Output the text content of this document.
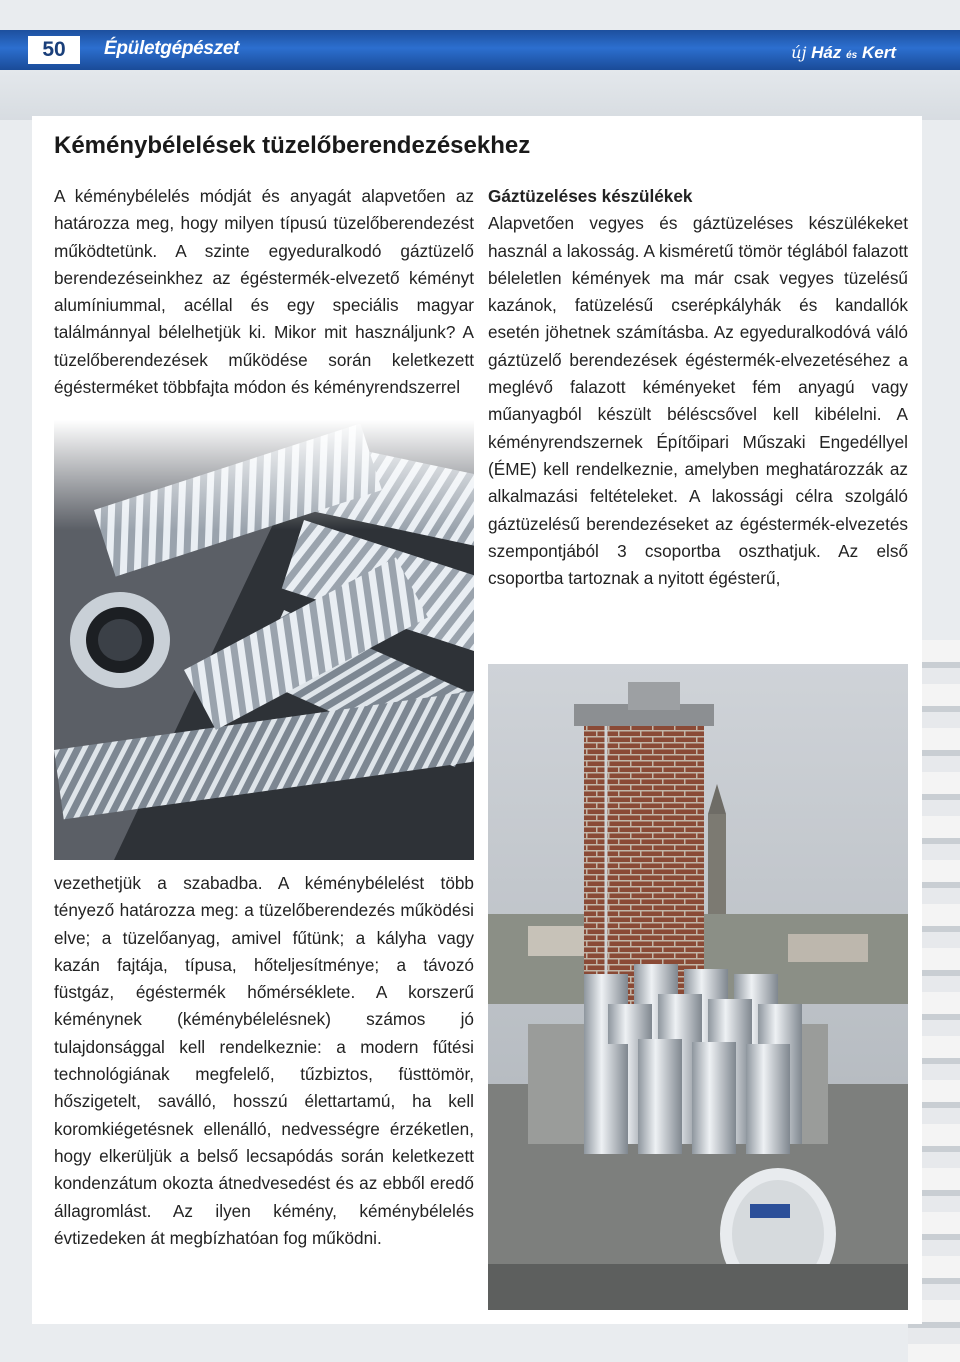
50	Épületgépészet	új Ház és Kert
Kéménybélelések tüzelőberendezésekhez

A kéménybélelés módját és anyagát alapvetően az határozza meg, hogy milyen típusú tüzelőberendezést működtetünk. A szinte egyeduralkodó gáztüzelő berendezéseinkhez az égéstermék-elvezető kéményt alumíniummal, acéllal és egy speciális magyar találmánnyal bélelhetjük ki. Mikor mit használjunk? A tüzelőberendezések működése során keletkezett égésterméket többfajta módon és kéményrendszerrel

Gáztüzeléses készülékek
Alapvetően vegyes és gáztüzeléses készülékeket használ a lakosság. A kisméretű tömör téglából falazott béleletlen kémények ma már csak vegyes tüzelésű kazánok, fatüzelésű cserépkályhák és kandallók esetén jöhetnek számításba. Az egyeduralkodóvá váló gáztüzelő berendezések égéstermék-elvezetéséhez a meglévő falazott kéményeket fém anyagú vagy műanyagból készült béléscsővel kell kibélelni. A kéményrendszernek Építőipari Műszaki Engedéllyel (ÉME) kell rendelkeznie, amelyben meghatározzák az alkalmazási feltételeket. A lakossági célra szolgáló gáztüzelésű berendezéseket az égéstermék-elvezetés szempontjából 3 csoportba oszthatjuk. Az első csoportba tartoznak a nyitott égésterű,

vezethetjük a szabadba. A kéménybélelést több tényező határozza meg: a tüzelőberendezés működési elve; a tüzelőanyag, amivel fűtünk; a kályha vagy kazán fajtája, típusa, hőteljesítménye; a távozó füstgáz, égéstermék hőmérséklete. A korszerű kéménynek (kéménybélelésnek) számos jó tulajdonsággal kell rendelkeznie: a modern fűtési technológiának megfelelő, tűzbiztos, füsttömör, hőszigetelt, saválló, hosszú élettartamú, ha kell koromkiégetésnek ellenálló, nedvességre érzéketlen, hogy elkerüljük a belső lecsapódás során keletkezett kondenzátum okozta átnedvesedést és az ebből eredő állagromlást. Az ilyen kémény, kéménybélelés évtizedeken át megbízhatóan fog működni.
